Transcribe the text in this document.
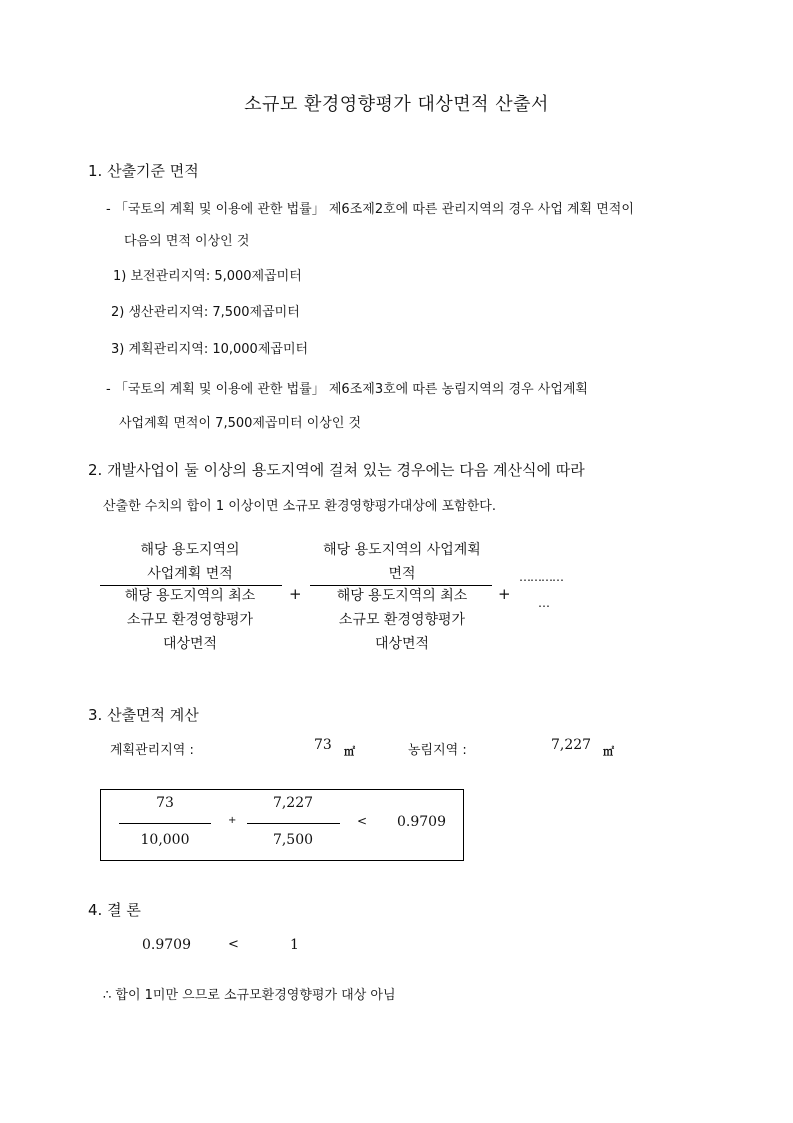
소규모 환경영향평가 대상면적 산출서
1. 산출기준 면적
- 「국토의 계획 및 이용에 관한 법률」 제6조제2호에 따른 관리지역의 경우 사업 계획 면적이
다음의 면적 이상인 것
1) 보전관리지역: 5,000제곱미터
2) 생산관리지역: 7,500제곱미터
3) 계획관리지역: 10,000제곱미터
- 「국토의 계획 및 이용에 관한 법률」 제6조제3호에 따른 농림지역의 경우 사업계획
사업계획 면적이 7,500제곱미터 이상인 것
2. 개발사업이 둘 이상의 용도지역에 걸쳐 있는 경우에는 다음 계산식에 따라
산출한 수치의 합이 1 이상이면 소규모 환경영향평가대상에 포함한다.
해당 용도지역의
사업계획 면적
해당 용도지역의 최소
소규모 환경영향평가
대상면적
+
해당 용도지역의 사업계획
면적
해당 용도지역의 최소
소규모 환경영향평가
대상면적
+
…………
…
3. 산출면적 계산
계획관리지역 :	73 ㎡	농림지역 :	7,227 ㎡
73
10,000
+
7,227
7,500
< 0.9709
4. 결 론
0.9709	<	1
∴ 합이 1미만 으므로 소규모환경영향평가 대상 아님
